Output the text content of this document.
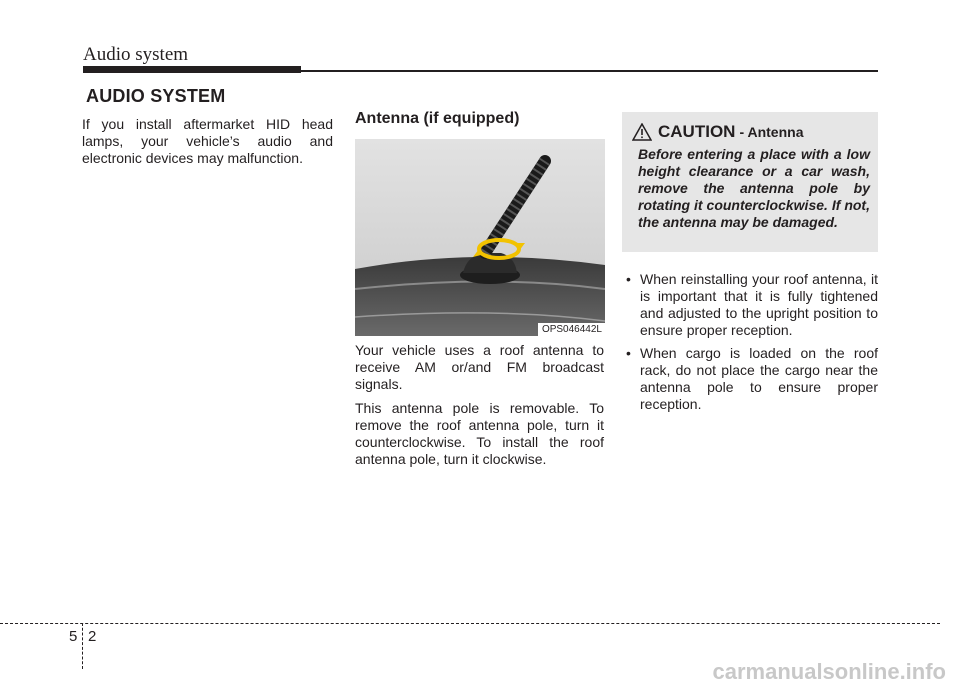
Audio system
AUDIO SYSTEM

If you install aftermarket HID head lamps, your vehicle’s audio and electronic devices may malfunction.

Antenna (if equipped)
OPS046442L

Your vehicle uses a roof antenna to receive AM or/and FM broadcast signals.

This antenna pole is removable. To remove the roof antenna pole, turn it counterclockwise. To install the roof antenna pole, turn it clockwise.

CAUTION - Antenna
Before entering a place with a low height clearance or a car wash, remove the antenna pole by rotating it counterclockwise. If not, the antenna may be damaged.
• When reinstalling your roof antenna, it is important that it is fully tightened and adjusted to the upright position to ensure proper reception.
• When cargo is loaded on the roof rack, do not place the cargo near the antenna pole to ensure proper reception.
5 2
carmanualsonline.info
